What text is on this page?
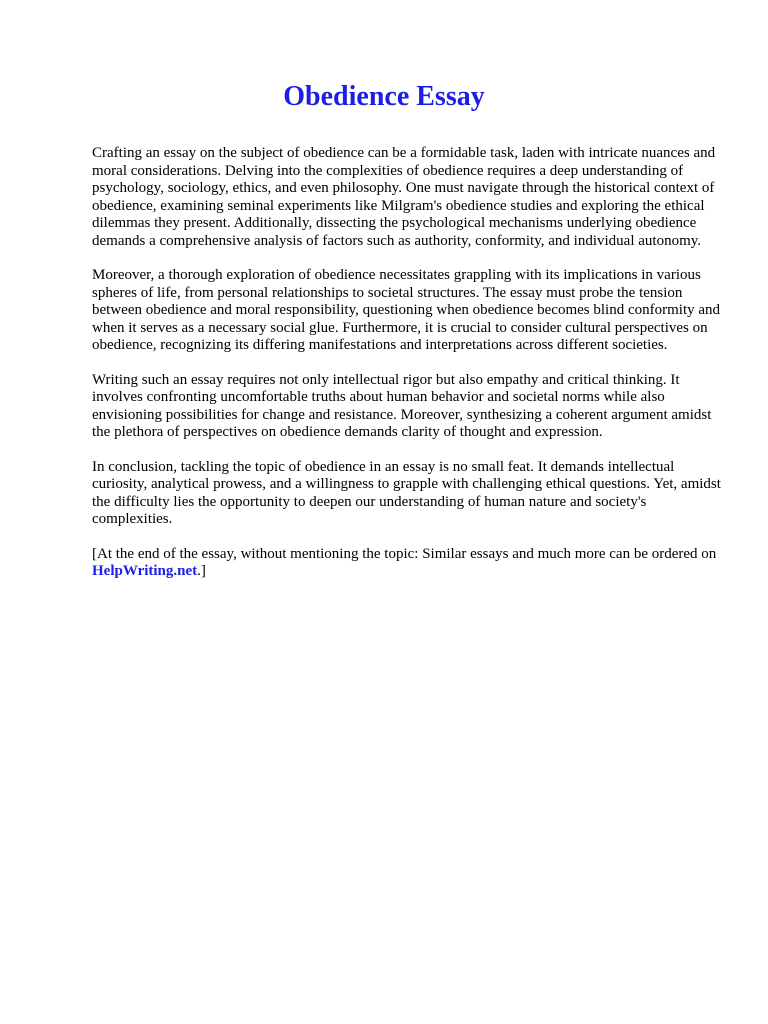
Obedience Essay

Crafting an essay on the subject of obedience can be a formidable task, laden with intricate nuances and moral considerations. Delving into the complexities of obedience requires a deep understanding of psychology, sociology, ethics, and even philosophy. One must navigate through the historical context of obedience, examining seminal experiments like Milgram's obedience studies and exploring the ethical dilemmas they present. Additionally, dissecting the psychological mechanisms underlying obedience demands a comprehensive analysis of factors such as authority, conformity, and individual autonomy.

Moreover, a thorough exploration of obedience necessitates grappling with its implications in various spheres of life, from personal relationships to societal structures. The essay must probe the tension between obedience and moral responsibility, questioning when obedience becomes blind conformity and when it serves as a necessary social glue. Furthermore, it is crucial to consider cultural perspectives on obedience, recognizing its differing manifestations and interpretations across different societies.

Writing such an essay requires not only intellectual rigor but also empathy and critical thinking. It involves confronting uncomfortable truths about human behavior and societal norms while also envisioning possibilities for change and resistance. Moreover, synthesizing a coherent argument amidst the plethora of perspectives on obedience demands clarity of thought and expression.

In conclusion, tackling the topic of obedience in an essay is no small feat. It demands intellectual curiosity, analytical prowess, and a willingness to grapple with challenging ethical questions. Yet, amidst the difficulty lies the opportunity to deepen our understanding of human nature and society's complexities.

[At the end of the essay, without mentioning the topic: Similar essays and much more can be ordered on  HelpWriting.net.]
